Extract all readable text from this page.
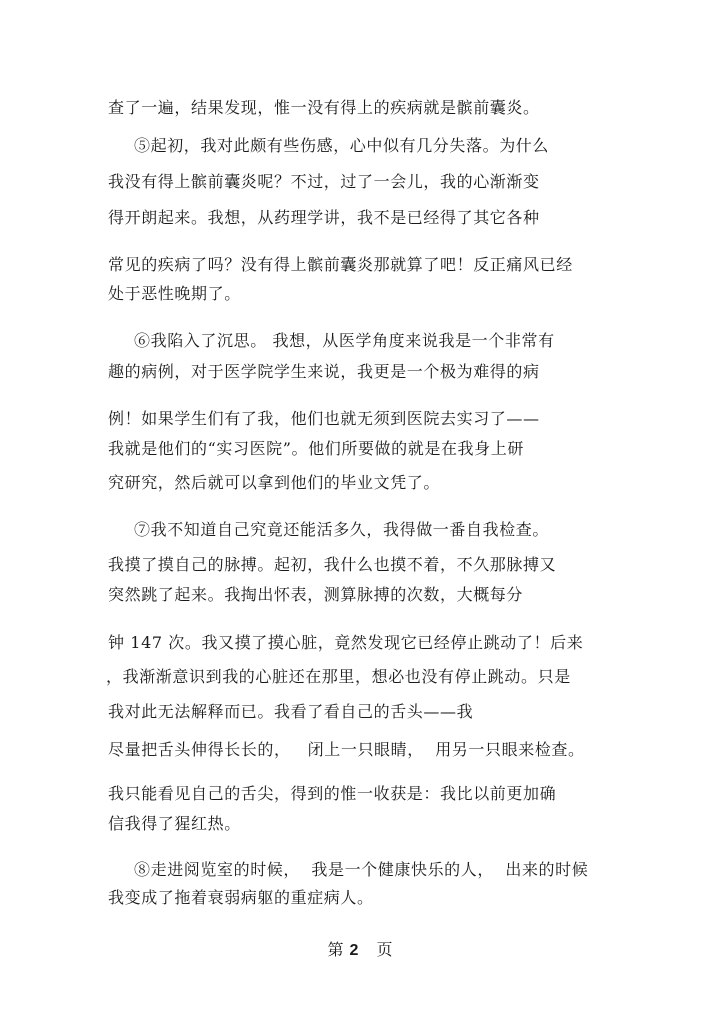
查了一遍，结果发现，惟一没有得上的疾病就是髌前囊炎。
⑤起初，我对此颇有些伤感，心中似有几分失落。为什么
我没有得上髌前囊炎呢？不过，过了一会儿，我的心渐渐变
得开朗起来。我想，从药理学讲，我不是已经得了其它各种
常见的疾病了吗？没有得上髌前囊炎那就算了吧！反正痛风已经
处于恶性晚期了。
⑥我陷入了沉思。 我想，从医学角度来说我是一个非常有
趣的病例，对于医学院学生来说，我更是一个极为难得的病
例！如果学生们有了我，他们也就无须到医院去实习了——
我就是他们的“实习医院”。他们所要做的就是在我身上研
究研究，然后就可以拿到他们的毕业文凭了。
⑦我不知道自己究竟还能活多久，我得做一番自我检查。
我摸了摸自己的脉搏。起初，我什么也摸不着，不久那脉搏又
突然跳了起来。我掏出怀表，测算脉搏的次数，大概每分
钟 147 次。我又摸了摸心脏，竟然发现它已经停止跳动了！后来
，我渐渐意识到我的心脏还在那里，想必也没有停止跳动。只是
我对此无法解释而已。我看了看自己的舌头——我
尽量把舌头伸得长长的，   闭上一只眼睛，  用另一只眼来检查。
我只能看见自己的舌尖，得到的惟一收获是：我比以前更加确
信我得了猩红热。
⑧走进阅览室的时候，  我是一个健康快乐的人，  出来的时候
我变成了拖着衰弱病躯的重症病人。
第 2 页
